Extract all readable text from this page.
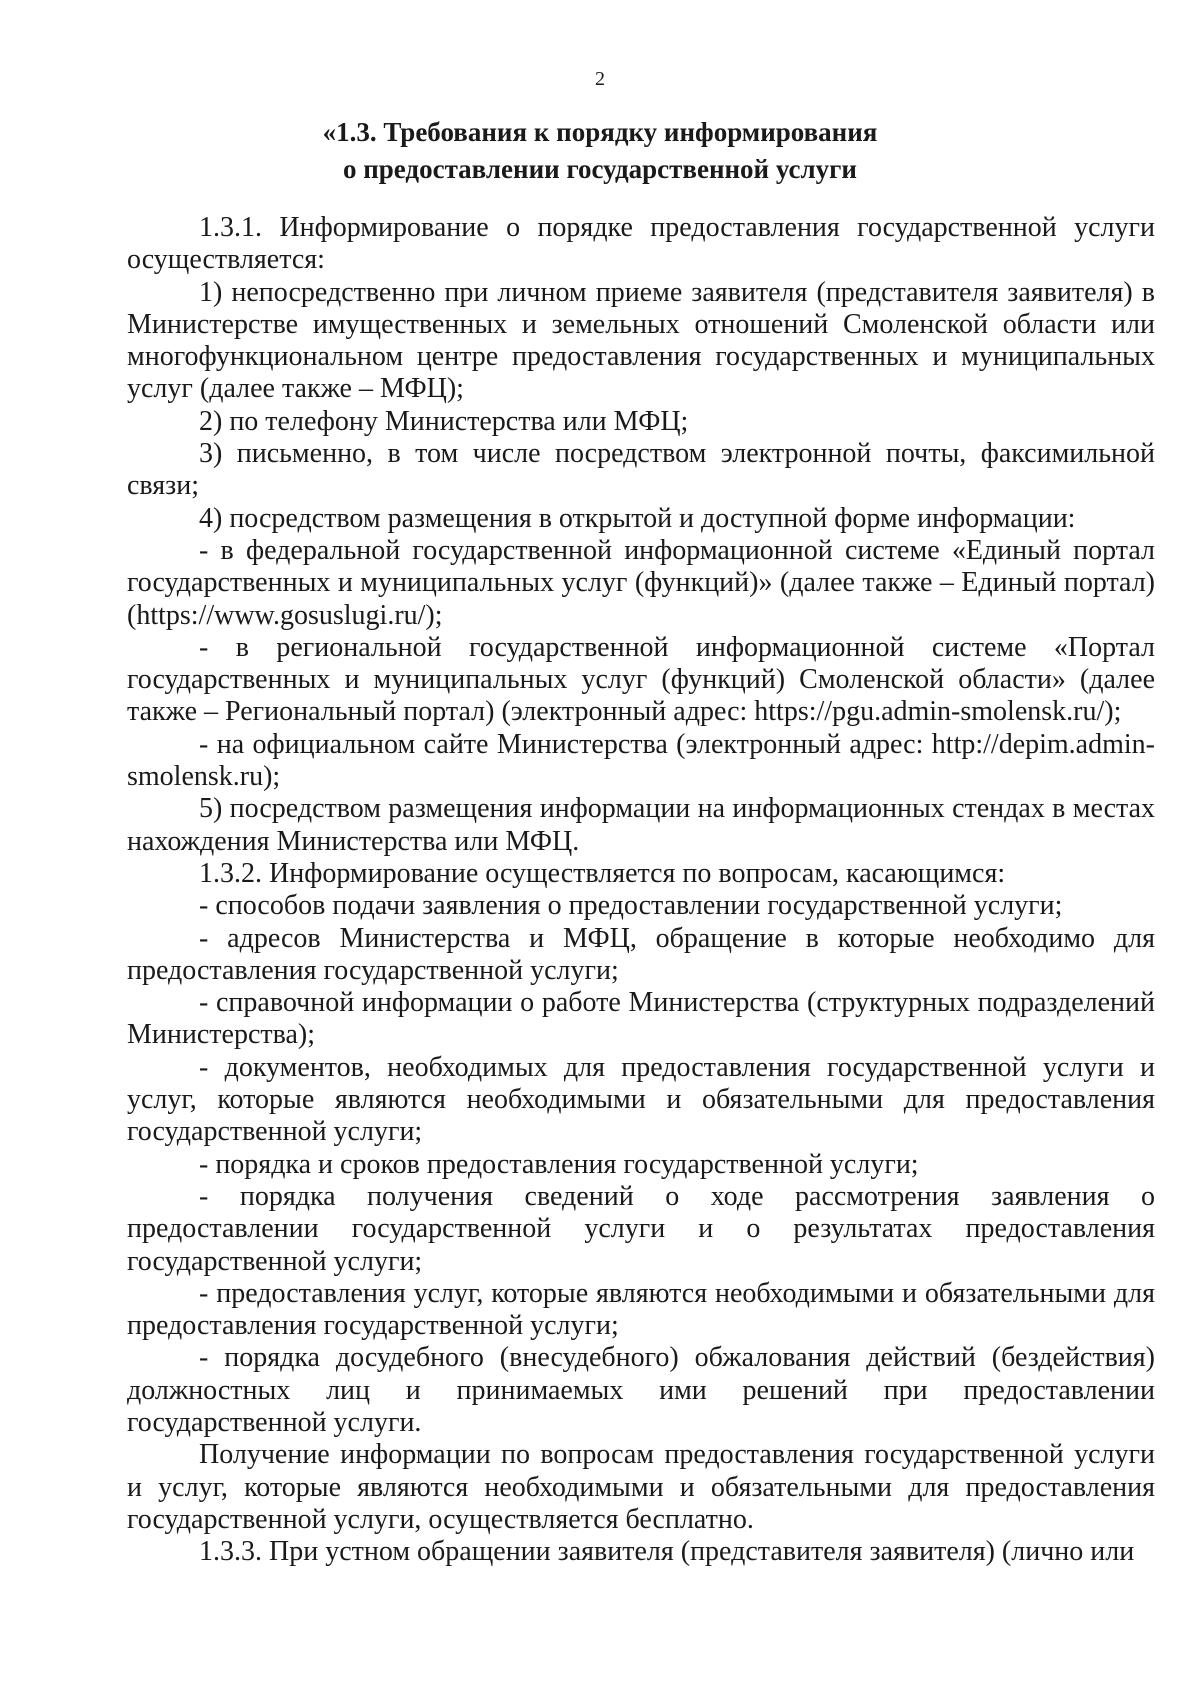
2
«1.3. Требования к порядку информирования
о предоставлении государственной услуги

1.3.1. Информирование о порядке предоставления государственной услуги осуществляется:

1) непосредственно при личном приеме заявителя (представителя заявителя) в Министерстве имущественных и земельных отношений Смоленской области или многофункциональном центре предоставления государственных и муниципальных услуг (далее также – МФЦ);

2) по телефону Министерства или МФЦ;

3) письменно, в том числе посредством электронной почты, факсимильной связи;

4) посредством размещения в открытой и доступной форме информации:

- в федеральной государственной информационной системе «Единый портал государственных и муниципальных услуг (функций)» (далее также – Единый портал) (https://www.gosuslugi.ru/);

- в региональной государственной информационной системе «Портал государственных и муниципальных услуг (функций) Смоленской области» (далее также – Региональный портал) (электронный адрес: https://pgu.admin-smolensk.ru/);

- на официальном сайте Министерства (электронный адрес: http://depim.admin-smolensk.ru);

5) посредством размещения информации на информационных стендах в местах нахождения Министерства или МФЦ.

1.3.2. Информирование осуществляется по вопросам, касающимся:

- способов подачи заявления о предоставлении государственной услуги;

- адресов Министерства и МФЦ, обращение в которые необходимо для предоставления государственной услуги;

- справочной информации о работе Министерства (структурных подразделений Министерства);

- документов, необходимых для предоставления государственной услуги и услуг, которые являются необходимыми и обязательными для предоставления государственной услуги;

- порядка и сроков предоставления государственной услуги;

- порядка получения сведений о ходе рассмотрения заявления о предоставлении государственной услуги и о результатах предоставления государственной услуги;

- предоставления услуг, которые являются необходимыми и обязательными для предоставления государственной услуги;

- порядка досудебного (внесудебного) обжалования действий (бездействия) должностных лиц и принимаемых ими решений при предоставлении государственной услуги.

Получение информации по вопросам предоставления государственной услуги и услуг, которые являются необходимыми и обязательными для предоставления государственной услуги, осуществляется бесплатно.

1.3.3. При устном обращении заявителя (представителя заявителя) (лично или
